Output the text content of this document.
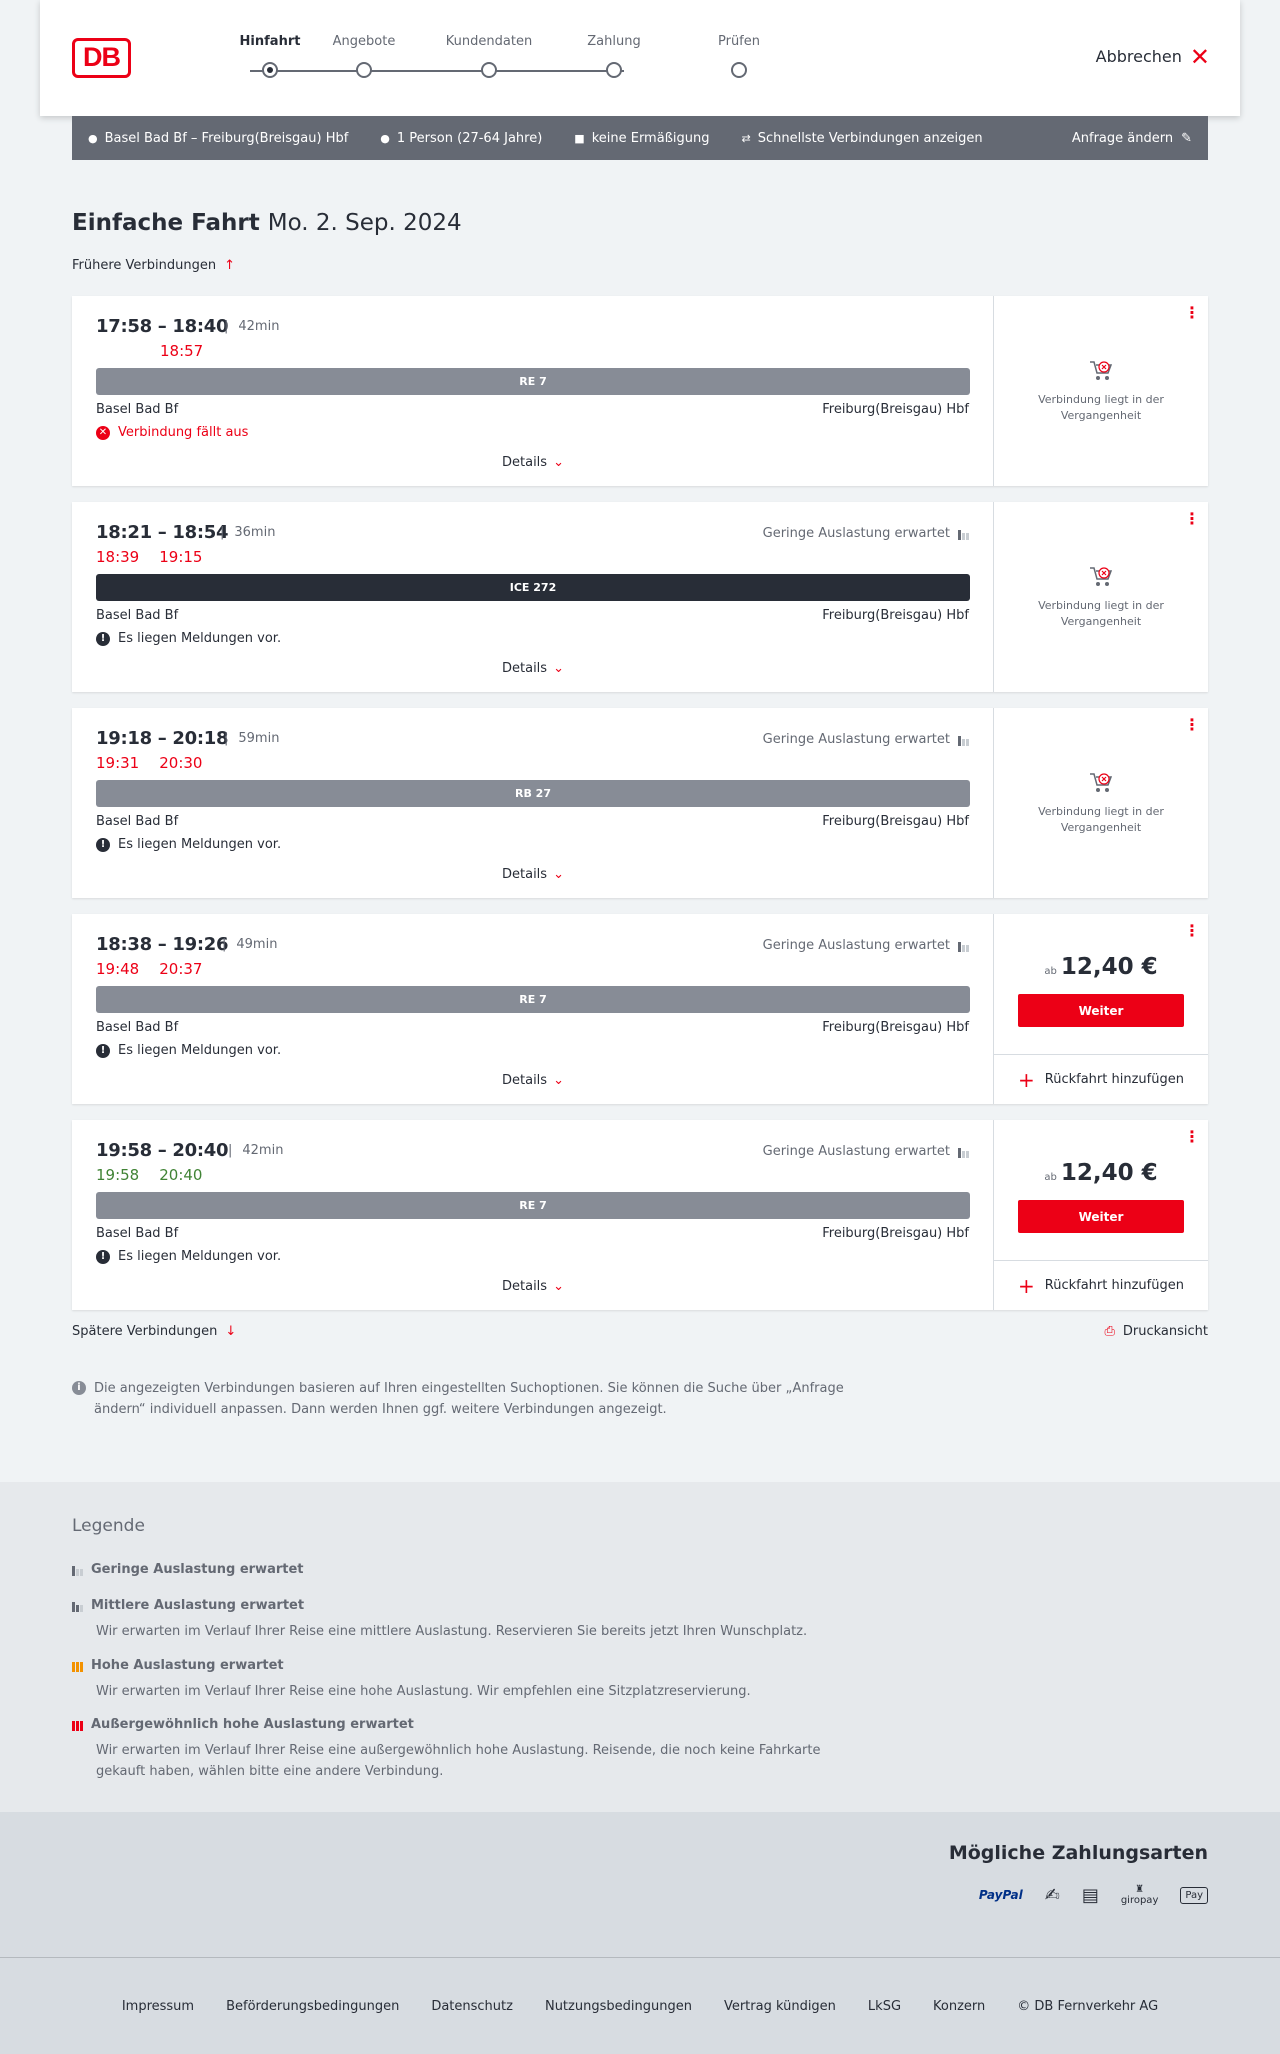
DB
Hinfahrt	Angebote	Kundendaten	Zahlung	Prüfen
Abbrechen ✕
● Basel Bad Bf – Freiburg(Breisgau) Hbf	● 1 Person (27-64 Jahre)	■ keine Ermäßigung	⇄ Schnellste Verbindungen anzeigen	Anfrage ändern ✎
Einfache Fahrt Mo. 2. Sep. 2024
Frühere Verbindungen ↑
17:58 – 18:40 | 42min
18:57
RE 7
Basel Bad Bf	Freiburg(Breisgau) Hbf
✕ Verbindung fällt aus
Details ⌄
⋮
Verbindung liegt in der Vergangenheit
18:21 – 18:54 | 36min	Geringe Auslastung erwartet
18:39 19:15
ICE 272
Basel Bad Bf	Freiburg(Breisgau) Hbf
! Es liegen Meldungen vor.
Details ⌄
⋮
Verbindung liegt in der Vergangenheit
19:18 – 20:18 | 59min	Geringe Auslastung erwartet
19:31 20:30
RB 27
Basel Bad Bf	Freiburg(Breisgau) Hbf
! Es liegen Meldungen vor.
Details ⌄
⋮
Verbindung liegt in der Vergangenheit
18:38 – 19:26 | 49min	Geringe Auslastung erwartet
19:48 20:37
RE 7
Basel Bad Bf	Freiburg(Breisgau) Hbf
! Es liegen Meldungen vor.
Details ⌄
⋮
ab 12,40 €
Weiter
+ Rückfahrt hinzufügen
19:58 – 20:40	| 42min	Geringe Auslastung erwartet
19:58 20:40
RE 7
Basel Bad Bf	Freiburg(Breisgau) Hbf
! Es liegen Meldungen vor.
Details ⌄
⋮
ab 12,40 €
Weiter
+ Rückfahrt hinzufügen
Spätere Verbindungen ↓	⎙ Druckansicht
i	Die angezeigten Verbindungen basieren auf Ihren eingestellten Suchoptionen. Sie können die Suche über „Anfrage ändern“ individuell anpassen. Dann werden Ihnen ggf. weitere Verbindungen angezeigt.
Legende
Geringe Auslastung erwartet
Mittlere Auslastung erwartet
Wir erwarten im Verlauf Ihrer Reise eine mittlere Auslastung. Reservieren Sie bereits jetzt Ihren Wunschplatz.
Hohe Auslastung erwartet
Wir erwarten im Verlauf Ihrer Reise eine hohe Auslastung. Wir empfehlen eine Sitzplatzreservierung.
Außergewöhnlich hohe Auslastung erwartet
Wir erwarten im Verlauf Ihrer Reise eine außergewöhnlich hohe Auslastung. Reisende, die noch keine Fahrkarte gekauft haben, wählen bitte eine andere Verbindung.
Mögliche Zahlungsarten
PayPal ✍ ▤	♜
giropay	Pay
Impressum Beförderungsbedingungen Datenschutz Nutzungsbedingungen Vertrag kündigen LkSG Konzern © DB Fernverkehr AG
